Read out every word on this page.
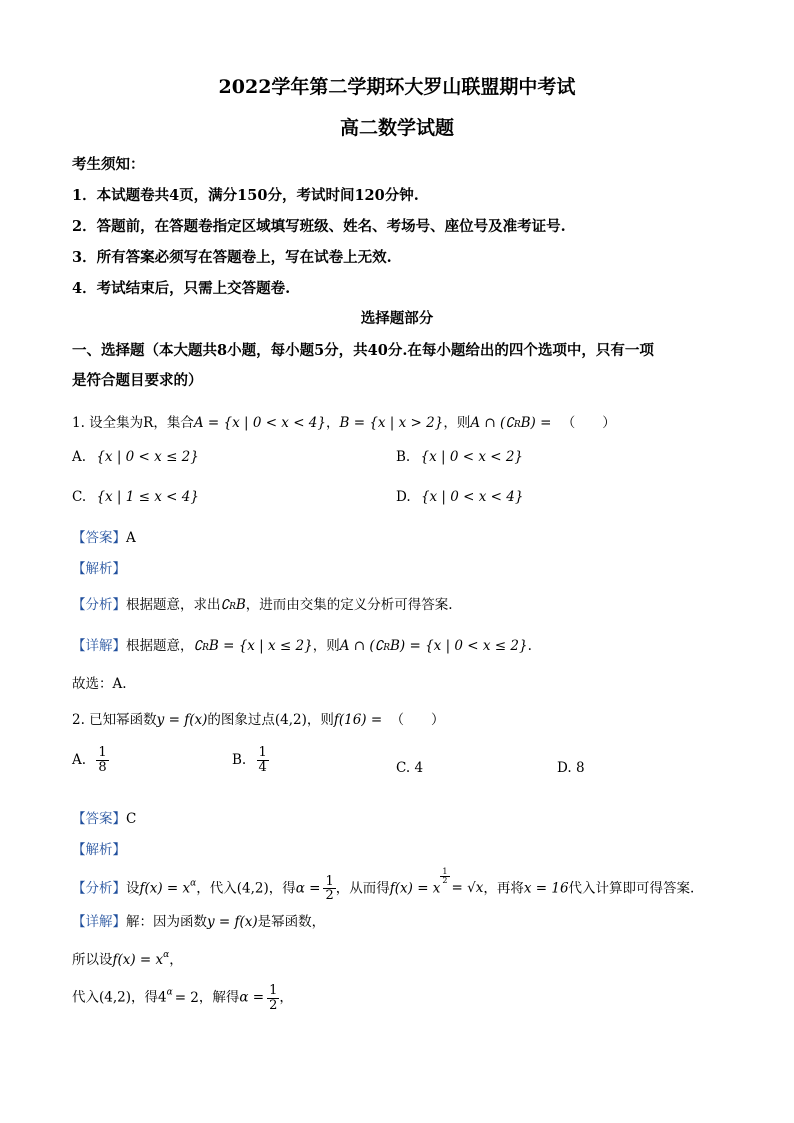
2022学年第二学期环大罗山联盟期中考试
高二数学试题
考生须知：
1．本试题卷共4页，满分150分，考试时间120分钟.
2．答题前，在答题卷指定区域填写班级、姓名、考场号、座位号及准考证号.
3．所有答案必须写在答题卷上，写在试卷上无效.
4．考试结束后，只需上交答题卷.
选择题部分
一、选择题（本大题共8小题，每小题5分，共40分.在每小题给出的四个选项中，只有一项
是符合题目要求的）
1. 设全集为R，集合A = {x | 0 < x < 4}，B = {x | x > 2}，则A ∩ (∁RB) = （　　）
A. {x | 0 < x ≤ 2}	B. {x | 0 < x < 2}
C. {x | 1 ≤ x < 4}	D. {x | 0 < x < 4}
【答案】A
【解析】
【分析】根据题意，求出∁RB，进而由交集的定义分析可得答案.
【详解】根据题意，∁RB = {x | x ≤ 2}，则A ∩ (∁RB) = {x | 0 < x ≤ 2}.
故选：A.
2. 已知幂函数y = f(x)的图象过点(4,2)，则f(16) = （　　）
A. $\frac{1}{8}$	B. $\frac{1}{4}$	C. 4	D. 8
【答案】C
【解析】
【分析】设$f(x) = x^\alpha$，代入(4,2)，得$\alpha = \frac{1}{2}$ ，从而得f(x) = x
$\frac{1}{2}$
= √x，再将x = 16代入计算即可得答案.
【详解】解：因为函数y = f(x)是幂函数，
所以设$f(x) = x^\alpha$，
代入(4,2)，得$4^\alpha = 2$，解得$\alpha = \frac{1}{2}$ ，
